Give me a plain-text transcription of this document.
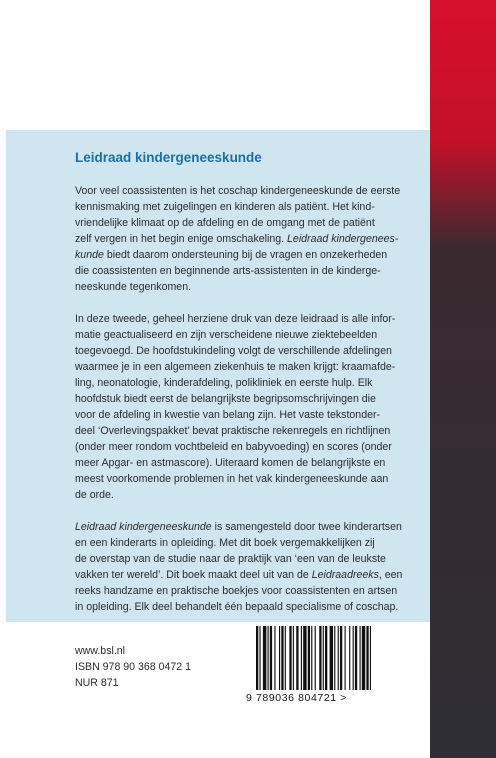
Leidraad kindergeneeskunde

Voor veel coassistenten is het coschap kindergeneeskunde de eerste
kennismaking met zuigelingen en kinderen als patiënt. Het kind-
vriendelijke klimaat op de afdeling en de omgang met de patiënt
zelf vergen in het begin enige omschakeling. Leidraad kindergenees-
kunde biedt daarom ondersteuning bij de vragen en onzekerheden
die coassistenten en beginnende arts-assistenten in de kinderge-
neeskunde tegenkomen.

In deze tweede, geheel herziene druk van deze leidraad is alle infor-
matie geactualiseerd en zijn verscheidene nieuwe ziektebeelden
toegevoegd. De hoofdstukindeling volgt de verschillende afdelingen
waarmee je in een algemeen ziekenhuis te maken krijgt: kraamafde-
ling, neonatologie, kinderafdeling, polikliniek en eerste hulp. Elk
hoofdstuk biedt eerst de belangrijkste begripsomschrijvingen die
voor de afdeling in kwestie van belang zijn. Het vaste tekstonder-
deel ‘Overlevingspakket’ bevat praktische rekenregels en richtlijnen
(onder meer rondom vochtbeleid en babyvoeding) en scores (onder
meer Apgar- en astmascore). Uiteraard komen de belangrijkste en
meest voorkomende problemen in het vak kindergeneeskunde aan
de orde.

Leidraad kindergeneeskunde is samengesteld door twee kinderartsen
en een kinderarts in opleiding. Met dit boek vergemakkelijken zij
de overstap van de studie naar de praktijk van ‘een van de leukste
vakken ter wereld’. Dit boek maakt deel uit van de Leidraadreeks, een
reeks handzame en praktische boekjes voor coassistenten en artsen
in opleiding. Elk deel behandelt één bepaald specialisme of coschap.

www.bsl.nl
ISBN 978 90 368 0472 1
NUR 871
9 789036 804721 >
